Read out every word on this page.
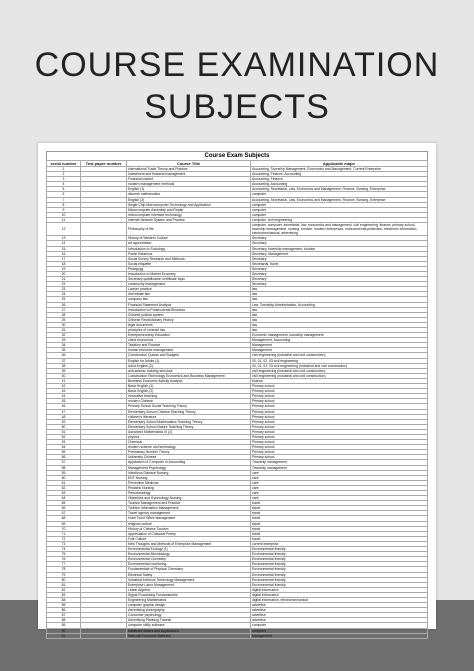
COURSE EXAMINATION
SUBJECTS
Course Exam Subjects
serial number	Test paper number	Course Title	Applicable major
1		International Trade Theory and Practice	Accounting, Township Management, Economics and Management, Current Enterprise
2		Investment and financial management	Accounting, Finance, Accounting
3		Financial market	Accounting, Finance
4		modern management methods	Accounting, Accounting
5		English (1)	Accounting, Secretarial, Law, Economics and Management, Finance, Nursing, Enterprise
6		discrete mathematics	computer
7		English (2)	Accounting, Secretarial, Law, Economics and Management, Finance, Nursing, Enterprise
8		Single Chip Microcomputer Technology and Application	computer
9		Microcomputer Assembly and Repair	computer
10		microcomputer interface technology	computer
11		Internet Network System and Practice	computer, civil engineering
12		Philosophy of life	computer, computer, secretarial, law, economics and management, civil engineering, finance, primary school, township management, nursing, tourism, modern enterprises, environmental protection, electronic information, electromechanical, advertising
13		History of Western Culture	Secretary
14		art appreciation	Secretary
15		Introduction to Sociology	Secretary, township management, tourism
16		Public Relations	Secretary, Management
17		Social Survey Research and Methods	Secretary
18		Social etiquette	Secretarial, travel
19		Pedagogy	Secretary
20		Introduction to Market Economy	Secretary
21		Secretary qualification certificate topic	Secretary
22		community management	Secretary
23		Lawyer practice	law
24		real estate law	law
25		company law	law
26		Financial Statement Analysis	Law, Township Administration, Accounting
27		Introduction to Prosecutorial Business	law
28		Chinese judicial system	law
29		Chinese Revolutionary History	law
30		legal documents	law
31		principles of contract law	law
32		Entrepreneurship Education	Economic management, township management
33		china economics	Management, Accounting
34		Taxation and Finance	Management
35		human resource management	Management
36		Construction Quotas and Budgets	civil engineering (industrial and civil construction)
37		English for Adults (1)	00, 01, 02, 03 civil engineering
38		Adult English (2)	00, 01, 02, 03 civil engineering (industrial and civil construction)
39		anti-seismic building structure	civil engineering (industrial and civil construction)
40		Construction Technology Economics and Business Management	civil engineering (industrial and civil construction)
41		Business Economic Activity Analysis	finance
42		Basic English (1)	Primary school
43		Basic English (2)	Primary school
44		innovative teaching	Primary school
45		modern Chinese	Primary school
46		Primary School Social Teaching Theory	Primary school
47		Elementary School Chinese Teaching Theory	Primary school
48		children's literature	Primary school
49		Elementary School Mathematics Teaching Theory	Primary school
50		Elementary School Nature Teaching Theory	Primary school
51		Advanced Mathematics III (2)	Primary school
52		physics	Primary school
53		Chemical	Primary school
54		modern science and technology	Primary school
55		Preliminary Number Theory	Primary school
56		University Chinese	Primary school
57		Application of Computer in Accounting	Township management
58		Management Psychology	Township management
59		Infectious Disease Nursing	care
60		ENT Nursing	care
61		Preventive Medicine	care
62		Pediatric Nursing	care
63		Periodontology	care
64		Obstetrics and Gynecology Nursing	care
65		Tourism Management and Practice	travel
66		Tourism Information Management	travel
67		Travel agency management	travel
68		Hotel Front Office Management	travel
69		religious culture	travel
70		History of Chinese Tourism	travel
71		Appreciation of Classical Poetry	travel
72		Folk Culture	travel
73		New Thoughts and Methods of Enterprise Management	current enterprise
74		Environmental Ecology (1)	Environmental friendly
75		Environmental Microbiology	Environmental friendly
76		Environmental Chemistry	Environmental friendly
77		Environmental monitoring	Environmental friendly
78		Fundamentals of Physical Chemistry	Environmental friendly
79		Electrical Safety	Environmental friendly
80		Industrial Antivirus Technology Management	Environmental friendly
81		Enterprise Labor Management	Environmental friendly
82		Linear Algebra	digital information
83		Signal Processing Fundamentals	digital information
84		Engineering Mathematics	digital information, electromechanical
85		computer graphic design	advertise
86		Advertising photography	advertise
87		Consumer psychology	advertise
88		Advertising Planning Tutorial	advertise
89		computer utility software	computer
90		Database Basics and Applications	computer
91		National Economic Statistics	Management
